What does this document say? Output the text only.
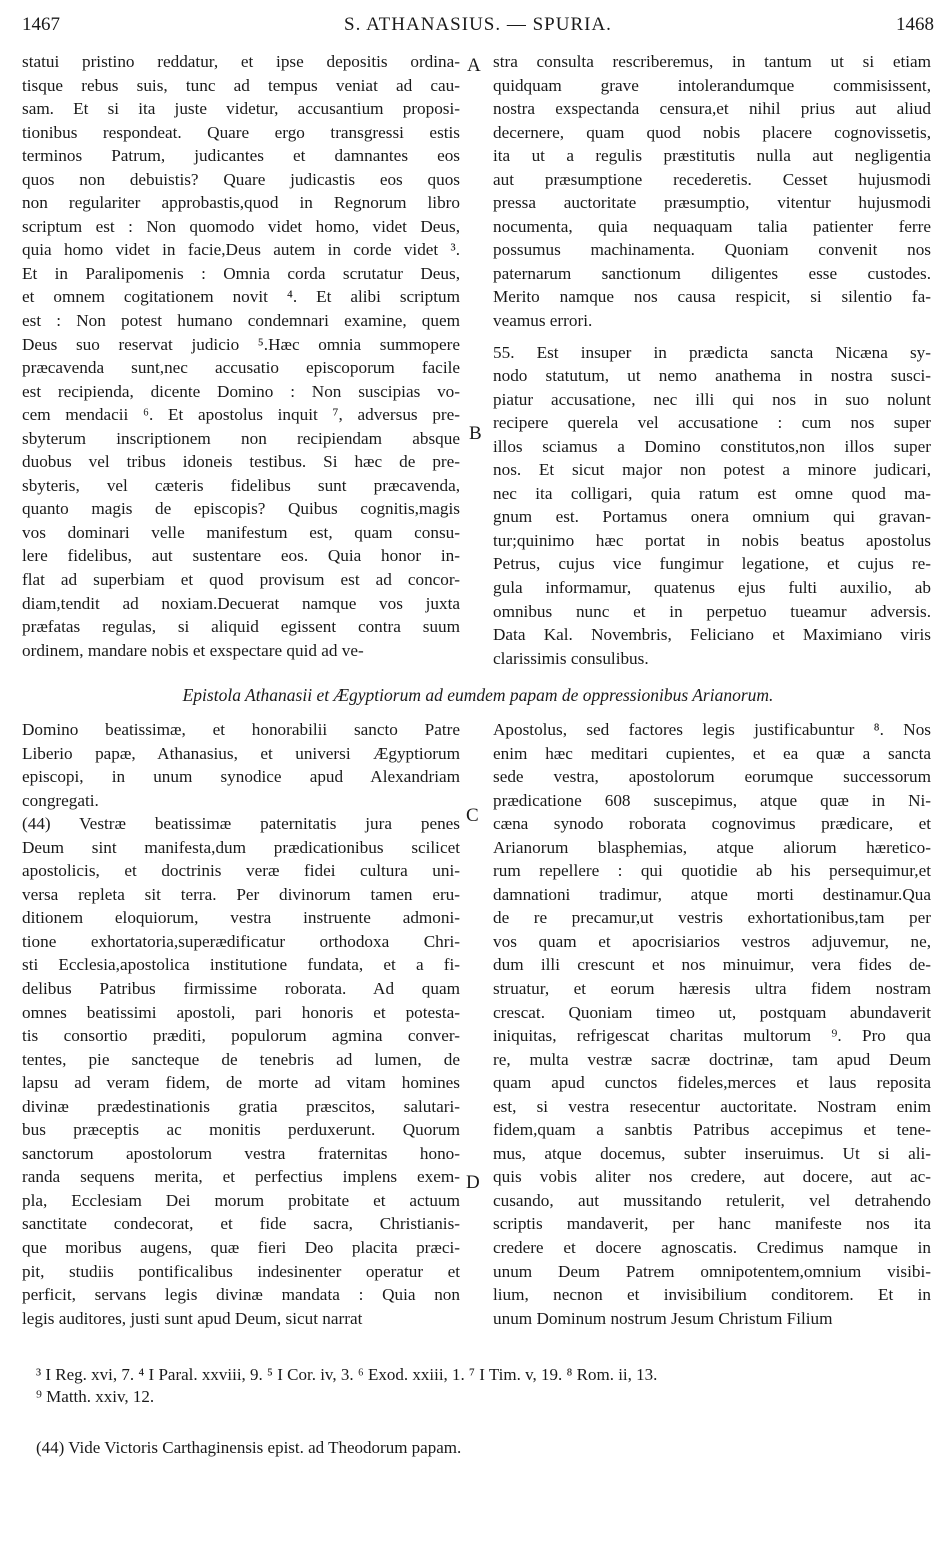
1467	S. ATHANASIUS. — SPURIA.	1468
statui pristino reddatur, et ipse depositis ordina-
tisque rebus suis, tunc ad tempus veniat ad cau-
sam. Et si ita juste videtur, accusantium proposi-
tionibus respondeat. Quare ergo transgressi estis
terminos Patrum, judicantes et damnantes eos
quos non debuistis? Quare judicastis eos quos
non regulariter approbastis,quod in Regnorum libro
scriptum est : Non quomodo videt homo, videt Deus,
quia homo videt in facie,Deus autem in corde videt ³.
Et in Paralipomenis : Omnia corda scrutatur Deus,
et omnem cogitationem novit ⁴. Et alibi scriptum
est : Non potest humano condemnari examine, quem
Deus suo reservat judicio ⁵.Hæc omnia summopere
præcavenda sunt,nec accusatio episcoporum facile
est recipienda, dicente Domino : Non suscipias vo-
cem mendacii ⁶. Et apostolus inquit ⁷, adversus pre-
sbyterum inscriptionem non recipiendam absque
duobus vel tribus idoneis testibus. Si hæc de pre-
sbyteris, vel cæteris fidelibus sunt præcavenda,
quanto magis de episcopis? Quibus cognitis,magis
vos dominari velle manifestum est, quam consu-
lere fidelibus, aut sustentare eos. Quia honor in-
flat ad superbiam et quod provisum est ad concor-
diam,tendit ad noxiam.Decuerat namque vos juxta
præfatas regulas, si aliquid egissent contra suum
ordinem, mandare nobis et exspectare quid ad ve-
stra consulta rescriberemus, in tantum ut si etiam
quidquam grave intolerandumque commisissent,
nostra exspectanda censura,et nihil prius aut aliud
decernere, quam quod nobis placere cognovissetis,
ita ut a regulis præstitutis nulla aut negligentia
aut præsumptione recederetis. Cesset hujusmodi
pressa auctoritate præsumptio, vitentur hujusmodi
nocumenta, quia nequaquam talia patienter ferre
possumus machinamenta. Quoniam convenit nos
paternarum sanctionum diligentes esse custodes.
Merito namque nos causa respicit, si silentio fa-
veamus errori.
55. Est insuper in prædicta sancta Nicæna sy-
nodo statutum, ut nemo anathema in nostra susci-
piatur accusatione, nec illi qui nos in suo nolunt
recipere querela vel accusatione : cum nos super
illos sciamus a Domino constitutos,non illos super
nos. Et sicut major non potest a minore judicari,
nec ita colligari, quia ratum est omne quod ma-
gnum est. Portamus onera omnium qui gravan-
tur;quinimo hæc portat in nobis beatus apostolus
Petrus, cujus vice fungimur legatione, et cujus re-
gula informamur, quatenus ejus fulti auxilio, ab
omnibus nunc et in perpetuo tueamur adversis.
Data Kal. Novembris, Feliciano et Maximiano viris
clarissimis consulibus.
A
B
Epistola Athanasii et Ægyptiorum ad eumdem papam de oppressionibus Arianorum.
Domino beatissimæ, et honorabilii sancto Patre
Liberio papæ, Athanasius, et universi Ægyptiorum
episcopi, in unum synodice apud Alexandriam
congregati.
(44) Vestræ beatissimæ paternitatis jura penes
Deum sint manifesta,dum prædicationibus scilicet
apostolicis, et doctrinis veræ fidei cultura uni-
versa repleta sit terra. Per divinorum tamen eru-
ditionem eloquiorum, vestra instruente admoni-
tione exhortatoria,superædificatur orthodoxa Chri-
sti Ecclesia,apostolica institutione fundata, et a fi-
delibus Patribus firmissime roborata. Ad quam
omnes beatissimi apostoli, pari honoris et potesta-
tis consortio præditi, populorum agmina conver-
tentes, pie sancteque de tenebris ad lumen, de
lapsu ad veram fidem, de morte ad vitam homines
divinæ prædestinationis gratia præscitos, salutari-
bus præceptis ac monitis perduxerunt. Quorum
sanctorum apostolorum vestra fraternitas hono-
randa sequens merita, et perfectius implens exem-
pla, Ecclesiam Dei morum probitate et actuum
sanctitate condecorat, et fide sacra, Christianis-
que moribus augens, quæ fieri Deo placita præci-
pit, studiis pontificalibus indesinenter operatur et
perficit, servans legis divinæ mandata : Quia non
legis auditores, justi sunt apud Deum, sicut narrat
Apostolus, sed factores legis justificabuntur ⁸. Nos
enim hæc meditari cupientes, et ea quæ a sancta
sede vestra, apostolorum eorumque successorum
prædicatione 608 suscepimus, atque quæ in Ni-
cæna synodo roborata cognovimus prædicare, et
Arianorum blasphemias, atque aliorum hæretico-
rum repellere : qui quotidie ab his persequimur,et
damnationi tradimur, atque morti destinamur.Qua
de re precamur,ut vestris exhortationibus,tam per
vos quam et apocrisiarios vestros adjuvemur, ne,
dum illi crescunt et nos minuimur, vera fides de-
struatur, et eorum hæresis ultra fidem nostram
crescat. Quoniam timeo ut, postquam abundaverit
iniquitas, refrigescat charitas multorum ⁹. Pro qua
re, multa vestræ sacræ doctrinæ, tam apud Deum
quam apud cunctos fideles,merces et laus reposita
est, si vestra resecentur auctoritate. Nostram enim
fidem,quam a sanbtis Patribus accepimus et tene-
mus, atque docemus, subter inseruimus. Ut si ali-
quis vobis aliter nos credere, aut docere, aut ac-
cusando, aut mussitando retulerit, vel detrahendo
scriptis mandaverit, per hanc manifeste nos ita
credere et docere agnoscatis. Credimus namque in
unum Deum Patrem omnipotentem,omnium visibi-
lium, necnon et invisibilium conditorem. Et in
unum Dominum nostrum Jesum Christum Filium
C
D
³ I Reg. xvi, 7. ⁴ I Paral. xxviii, 9. ⁵ I Cor. iv, 3. ⁶ Exod. xxiii, 1. ⁷ I Tim. v, 19. ⁸ Rom. ii, 13.
⁹ Matth. xxiv, 12.
(44) Vide Victoris Carthaginensis epist. ad Theodorum papam.
